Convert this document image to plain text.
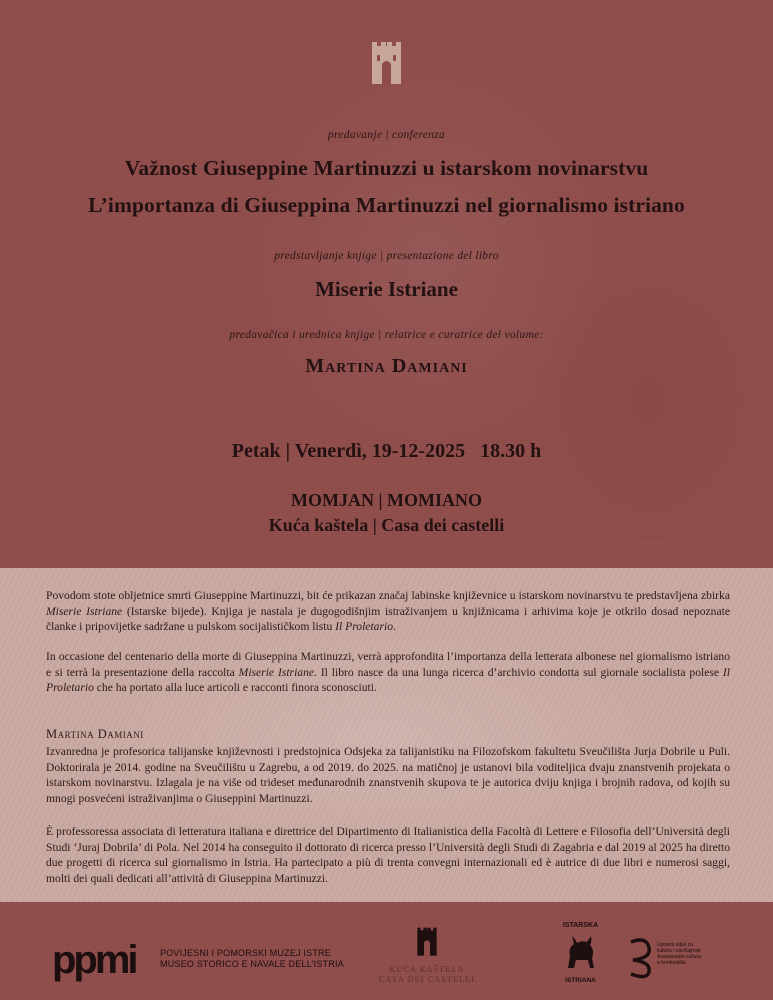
predavanje | conferenza
Važnost Giuseppine Martinuzzi u istarskom novinarstvu
L’importanza di Giuseppina Martinuzzi nel giornalismo istriano
predstavljanje knjige | presentazione del libro
Miserie Istriane
predavačica i urednica knjige | relatrice e curatrice del volume:
Martina Damiani
Petak | Venerdì, 19-12-2025   18.30 h
MOMJAN | MOMIANO
Kuća kaštela | Casa dei castelli

Povodom stote obljetnice smrti Giuseppine Martinuzzi, bit će prikazan značaj labinske književnice u istarskom novinarstvu te predstavljena zbirka Miserie Istriane (Istarske bijede). Knjiga je nastala je dugogodišnjim istraživanjem u knjižnicama i arhivima koje je otkrilo dosad nepoznate članke i pripovijetke sadržane u pulskom socijalističkom listu Il Proletario.

In occasione del centenario della morte di Giuseppina Martinuzzi, verrà approfondita l’importanza della letterata albonese nel giornalismo istriano e si terrà la presentazione della raccolta Miserie Istriane. Il libro nasce da una lunga ricerca d’archivio condotta sul giornale socialista polese Il Proletario che ha portato alla luce articoli e racconti finora sconosciuti.

Martina Damiani

Izvanredna je profesorica talijanske književnosti i predstojnica Odsjeka za talijanistiku na Filozofskom fakultetu Sveučilišta Jurja Dobrile u Puli. Doktorirala je 2014. godine na Sveučilištu u Zagrebu, a od 2019. do 2025. na matičnoj je ustanovi bila voditeljica dvaju znanstvenih projekata o istarskom novinarstvu. Izlagala je na više od trideset međunarodnih znanstvenih skupova te je autorica dviju knjiga i brojnih radova, od kojih su mnogi posvećeni istraživanjima o Giuseppini Martinuzzi.

È professoressa associata di letteratura italiana e direttrice del Dipartimento di Italianistica della Facoltà di Lettere e Filosofia dell’Università degli Studi ‘Juraj Dobrila’ di Pola. Nel 2014 ha conseguito il dottorato di ricerca presso l’Università degli Studi di Zagabria e dal 2019 al 2025 ha diretto due progetti di ricerca sul giornalismo in Istria. Ha partecipato a più di trenta convegni internazionali ed è autrice di due libri e numerosi saggi, molti dei quali dedicati all’attività di Giuseppina Martinuzzi.

ppmi	POVIJESNI I POMORSKI MUZEJ ISTRE
MUSEO STORICO E NAVALE DELL’ISTRIA
KUĆA KAŠTELA
CASA DEI CASTELLI
ISTARSKA
ISTRIANA
Upravni odjel za
kulturu i zavičajnost
Assessorato cultura
e territorialità
